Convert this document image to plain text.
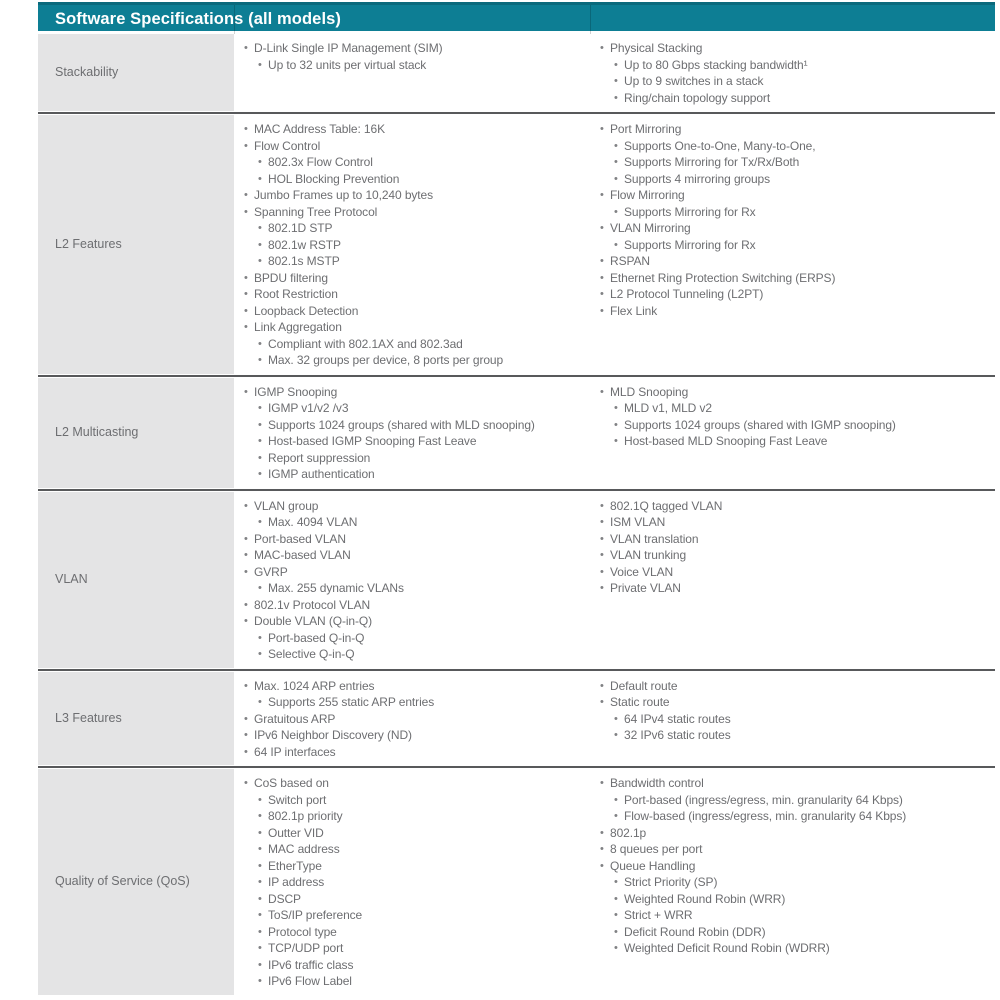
Software Specifications (all models)
Stackability
• D-Link Single IP Management (SIM)
• Up to 32 units per virtual stack
• Physical Stacking
• Up to 80 Gbps stacking bandwidth¹
• Up to 9 switches in a stack
• Ring/chain topology support
L2 Features
• MAC Address Table: 16K
• Flow Control
• 802.3x Flow Control
• HOL Blocking Prevention
• Jumbo Frames up to 10,240 bytes
• Spanning Tree Protocol
• 802.1D STP
• 802.1w RSTP
• 802.1s MSTP
• BPDU filtering
• Root Restriction
• Loopback Detection
• Link Aggregation
• Compliant with 802.1AX and 802.3ad
• Max. 32 groups per device, 8 ports per group
• Port Mirroring
• Supports One-to-One, Many-to-One,
• Supports Mirroring for Tx/Rx/Both
• Supports 4 mirroring groups
• Flow Mirroring
• Supports Mirroring for Rx
• VLAN Mirroring
• Supports Mirroring for Rx
• RSPAN
• Ethernet Ring Protection Switching (ERPS)
• L2 Protocol Tunneling (L2PT)
• Flex Link
L2 Multicasting
• IGMP Snooping
• IGMP v1/v2 /v3
• Supports 1024 groups (shared with MLD snooping)
• Host-based IGMP Snooping Fast Leave
• Report suppression
• IGMP authentication
• MLD Snooping
• MLD v1, MLD v2
• Supports 1024 groups (shared with IGMP snooping)
• Host-based MLD Snooping Fast Leave
VLAN
• VLAN group
• Max. 4094 VLAN
• Port-based VLAN
• MAC-based VLAN
• GVRP
• Max. 255 dynamic VLANs
• 802.1v Protocol VLAN
• Double VLAN (Q-in-Q)
• Port-based Q-in-Q
• Selective Q-in-Q
• 802.1Q tagged VLAN
• ISM VLAN
• VLAN translation
• VLAN trunking
• Voice VLAN
• Private VLAN
L3 Features
• Max. 1024 ARP entries
• Supports 255 static ARP entries
• Gratuitous ARP
• IPv6 Neighbor Discovery (ND)
• 64 IP interfaces
• Default route
• Static route
• 64 IPv4 static routes
• 32 IPv6 static routes
Quality of Service (QoS)
• CoS based on
• Switch port
• 802.1p priority
• Outter VID
• MAC address
• EtherType
• IP address
• DSCP
• ToS/IP preference
• Protocol type
• TCP/UDP port
• IPv6 traffic class
• IPv6 Flow Label
• Bandwidth control
• Port-based (ingress/egress, min. granularity 64 Kbps)
• Flow-based (ingress/egress, min. granularity 64 Kbps)
• 802.1p
• 8 queues per port
• Queue Handling
• Strict Priority (SP)
• Weighted Round Robin (WRR)
• Strict + WRR
• Deficit Round Robin (DDR)
• Weighted Deficit Round Robin (WDRR)
